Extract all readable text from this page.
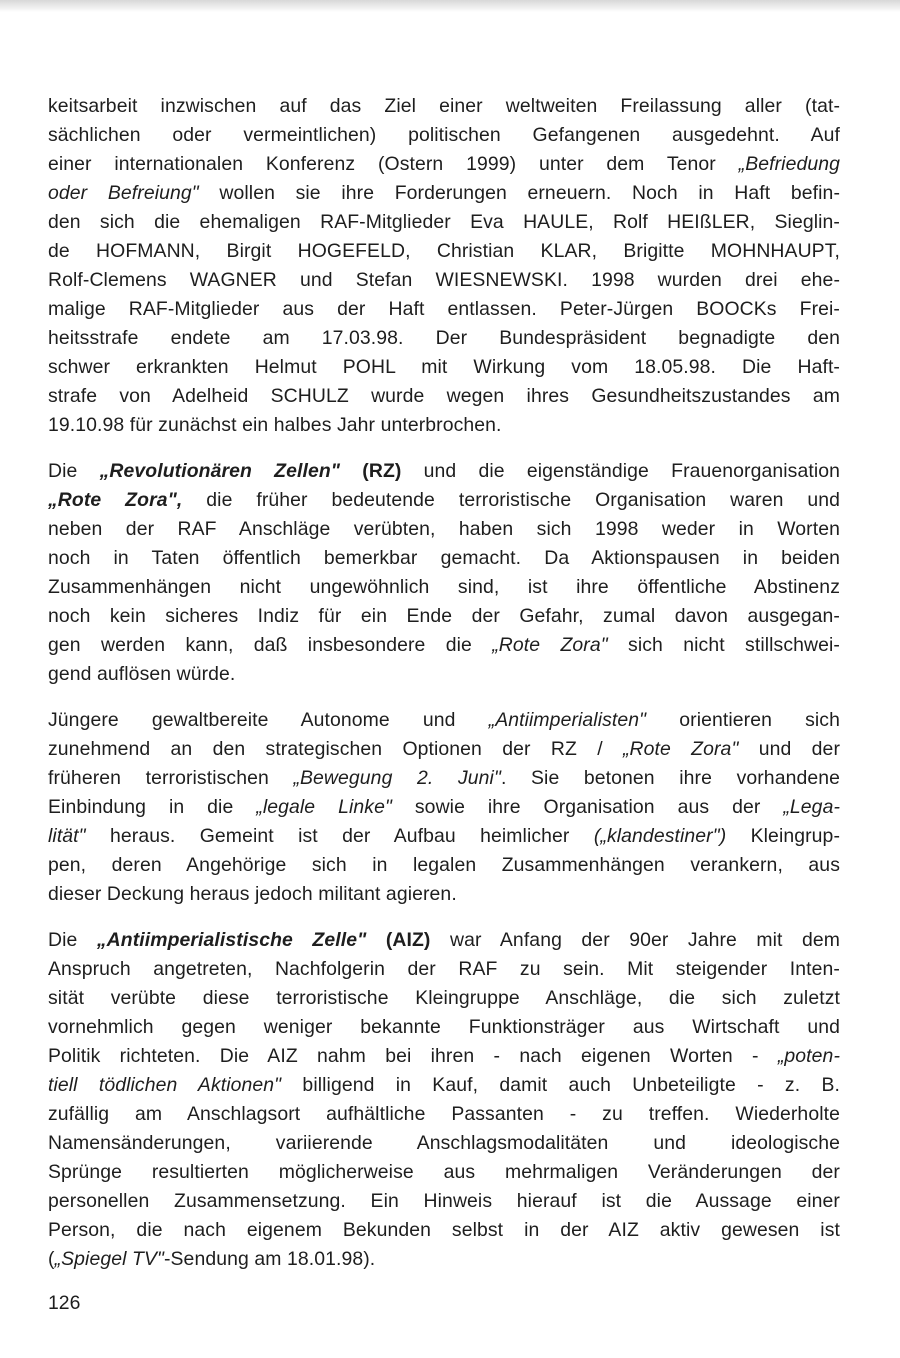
keitsarbeit inzwischen auf das Ziel einer weltweiten Freilassung aller (tat-
sächlichen oder vermeintlichen) politischen Gefangenen ausgedehnt. Auf
einer internationalen Konferenz (Ostern 1999) unter dem Tenor „Befriedung
oder Befreiung" wollen sie ihre Forderungen erneuern. Noch in Haft befin-
den sich die ehemaligen RAF-Mitglieder Eva HAULE, Rolf HEIßLER, Sieglin-
de HOFMANN, Birgit HOGEFELD, Christian KLAR, Brigitte MOHNHAUPT,
Rolf-Clemens WAGNER und Stefan WIESNEWSKI. 1998 wurden drei ehe-
malige RAF-Mitglieder aus der Haft entlassen. Peter-Jürgen BOOCKs Frei-
heitsstrafe endete am 17.03.98. Der Bundespräsident begnadigte den
schwer erkrankten Helmut POHL mit Wirkung vom 18.05.98. Die Haft-
strafe von Adelheid SCHULZ wurde wegen ihres Gesundheitszustandes am
19.10.98 für zunächst ein halbes Jahr unterbrochen.
Die „Revolutionären Zellen" (RZ) und die eigenständige Frauenorganisation
„Rote Zora", die früher bedeutende terroristische Organisation waren und
neben der RAF Anschläge verübten, haben sich 1998 weder in Worten
noch in Taten öffentlich bemerkbar gemacht. Da Aktionspausen in beiden
Zusammenhängen nicht ungewöhnlich sind, ist ihre öffentliche Abstinenz
noch kein sicheres Indiz für ein Ende der Gefahr, zumal davon ausgegan-
gen werden kann, daß insbesondere die „Rote Zora" sich nicht stillschwei-
gend auflösen würde.
Jüngere gewaltbereite Autonome und „Antiimperialisten" orientieren sich
zunehmend an den strategischen Optionen der RZ / „Rote Zora" und der
früheren terroristischen „Bewegung 2. Juni". Sie betonen ihre vorhandene
Einbindung in die „legale Linke" sowie ihre Organisation aus der „Lega-
lität" heraus. Gemeint ist der Aufbau heimlicher („klandestiner") Kleingrup-
pen, deren Angehörige sich in legalen Zusammenhängen verankern, aus
dieser Deckung heraus jedoch militant agieren.
Die „Antiimperialistische Zelle" (AIZ) war Anfang der 90er Jahre mit dem
Anspruch angetreten, Nachfolgerin der RAF zu sein. Mit steigender Inten-
sität verübte diese terroristische Kleingruppe Anschläge, die sich zuletzt
vornehmlich gegen weniger bekannte Funktionsträger aus Wirtschaft und
Politik richteten. Die AIZ nahm bei ihren - nach eigenen Worten - „poten-
tiell tödlichen Aktionen" billigend in Kauf, damit auch Unbeteiligte - z. B.
zufällig am Anschlagsort aufhältliche Passanten - zu treffen. Wiederholte
Namensänderungen, variierende Anschlagsmodalitäten und ideologische
Sprünge resultierten möglicherweise aus mehrmaligen Veränderungen der
personellen Zusammensetzung. Ein Hinweis hierauf ist die Aussage einer
Person, die nach eigenem Bekunden selbst in der AIZ aktiv gewesen ist
(„Spiegel TV"-Sendung am 18.01.98).
126
